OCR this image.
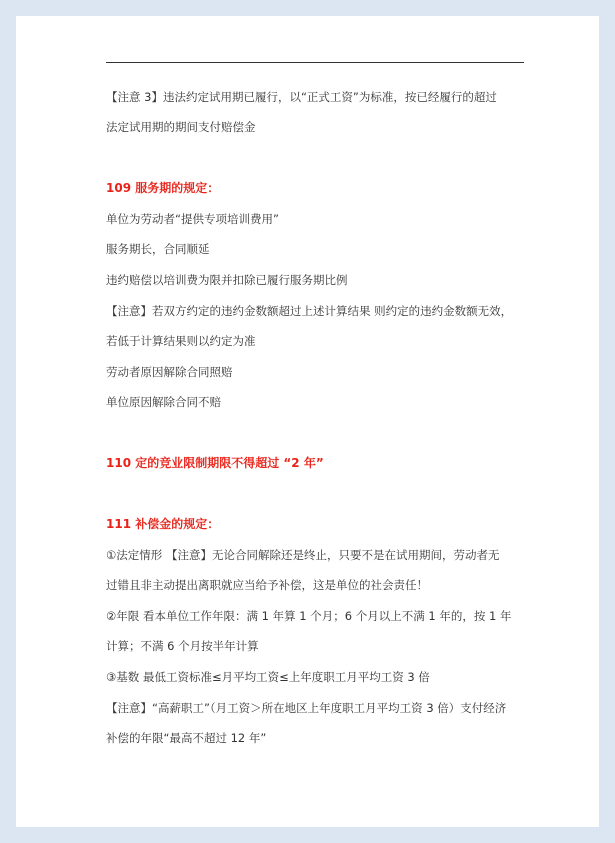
【注意 3】违法约定试用期已履行，以“正式工资”为标准，按已经履行的超过
法定试用期的期间支付赔偿金
109 服务期的规定：
单位为劳动者“提供专项培训费用”
服务期长，合同顺延
违约赔偿以培训费为限并扣除已履行服务期比例
【注意】若双方约定的违约金数额超过上述计算结果 则约定的违约金数额无效，
若低于计算结果则以约定为准
劳动者原因解除合同照赔
单位原因解除合同不赔
110 定的竞业限制期限不得超过 “2 年”
111 补偿金的规定：
①法定情形 【注意】无论合同解除还是终止，只要不是在试用期间，劳动者无
过错且非主动提出离职就应当给予补偿，这是单位的社会责任！
②年限 看本单位工作年限：满 1 年算 1 个月；6 个月以上不满 1 年的，按 1 年
计算；不满 6 个月按半年计算
③基数 最低工资标准≤月平均工资≤上年度职工月平均工资 3 倍
【注意】“高薪职工”（月工资＞所在地区上年度职工月平均工资 3 倍）支付经济
补偿的年限“最高不超过 12 年”
